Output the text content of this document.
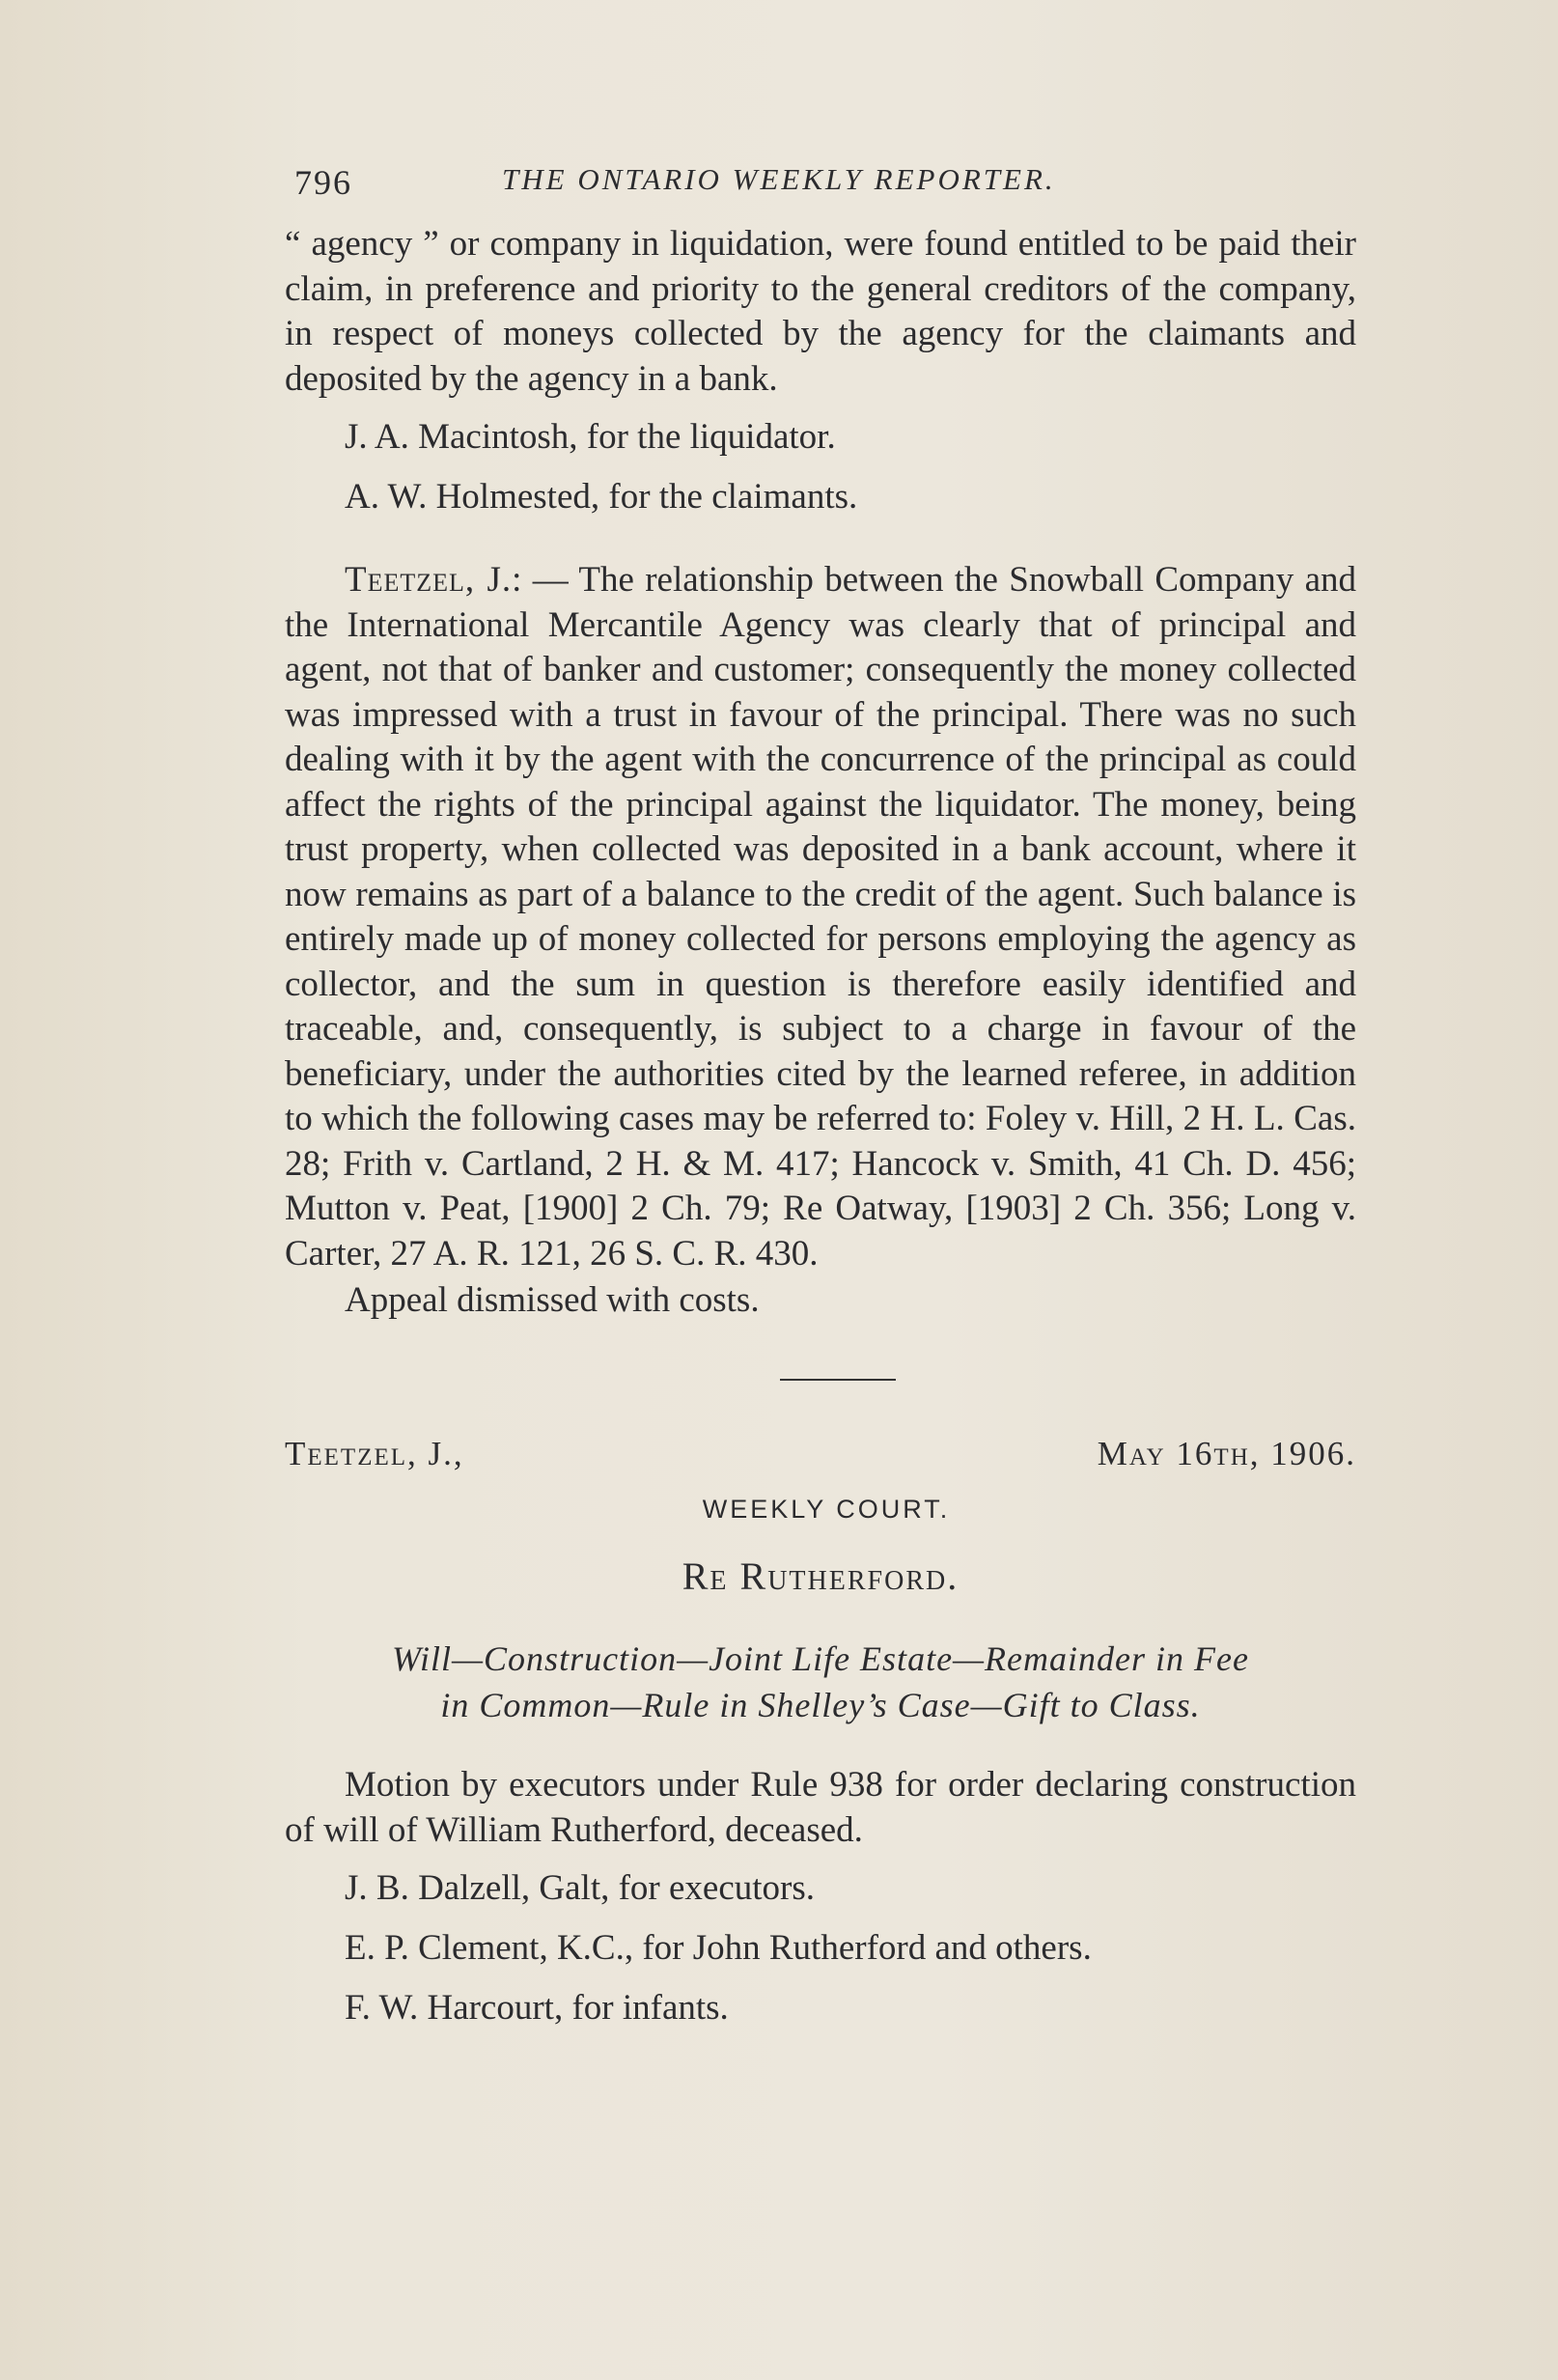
796	THE ONTARIO WEEKLY REPORTER.

“ agency ” or company in liquidation, were found entitled to be paid their claim, in preference and priority to the general creditors of the company, in respect of moneys collected by the agency for the claimants and deposited by the agency in a bank.

J. A. Macintosh, for the liquidator.
A. W. Holmested, for the claimants.

Teetzel, J.: — The relationship between the Snowball Company and the International Mercantile Agency was clearly that of principal and agent, not that of banker and customer; consequently the money collected was impressed with a trust in favour of the principal. There was no such dealing with it by the agent with the concurrence of the principal as could affect the rights of the principal against the liquidator. The money, being trust property, when collected was deposited in a bank account, where it now remains as part of a balance to the credit of the agent. Such balance is entirely made up of money collected for persons employing the agency as collector, and the sum in question is therefore easily identified and traceable, and, consequently, is subject to a charge in favour of the beneficiary, under the authorities cited by the learned referee, in addition to which the following cases may be referred to: Foley v. Hill, 2 H. L. Cas. 28; Frith v. Cartland, 2 H. & M. 417; Hancock v. Smith, 41 Ch. D. 456; Mutton v. Peat, [1900] 2 Ch. 79; Re Oatway, [1903] 2 Ch. 356; Long v. Carter, 27 A. R. 121, 26 S. C. R. 430.

Appeal dismissed with costs.
Teetzel, J.,	May 16th, 1906.
WEEKLY COURT.
Re Rutherford.
Will—Construction—Joint Life Estate—Remainder in Fee
in Common—Rule in Shelley’s Case—Gift to Class.

Motion by executors under Rule 938 for order declaring construction of will of William Rutherford, deceased.

J. B. Dalzell, Galt, for executors.
E. P. Clement, K.C., for John Rutherford and others.
F. W. Harcourt, for infants.
